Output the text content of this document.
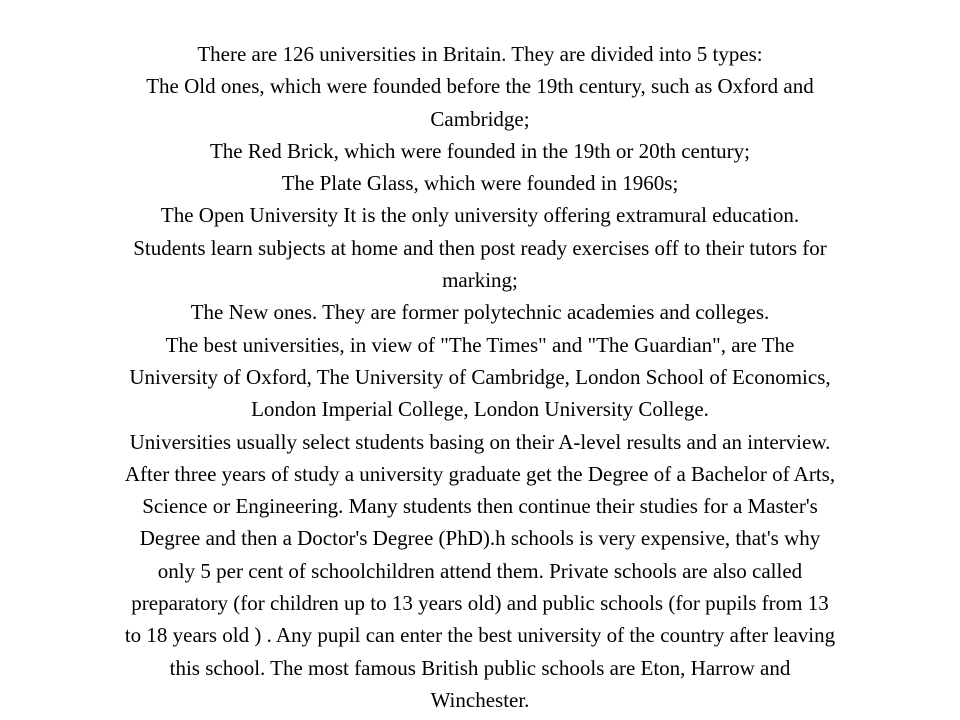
There are 126 universities in Britain. They are divided into 5 types:

The Old ones, which were founded before the 19th century, such as Oxford and
Cambridge;

The Red Brick, which were founded in the 19th or 20th century;

The Plate Glass, which were founded in 1960s;

The Open University It is the only university offering extramural education.
Students learn subjects at home and then post ready exercises off to their tutors for
marking;

The New ones. They are former polytechnic academies and colleges.

The best universities, in view of "The Times" and "The Guardian", are The
University of Oxford, The University of Cambridge, London School of Economics,
London Imperial College, London University College.

Universities usually select students basing on their A-level results and an interview.
After three years of study a university graduate get the Degree of a Bachelor of Arts,
Science or Engineering. Many students then continue their studies for a Master's
Degree and then a Doctor's Degree (PhD).h schools is very expensive, that's why
only 5 per cent of schoolchildren attend them. Private schools are also called
preparatory (for children up to 13 years old) and public schools (for pupils from 13
to 18 years old ) . Any pupil can enter the best university of the country after leaving
this school. The most famous British public schools are Eton, Harrow and
Winchester.
